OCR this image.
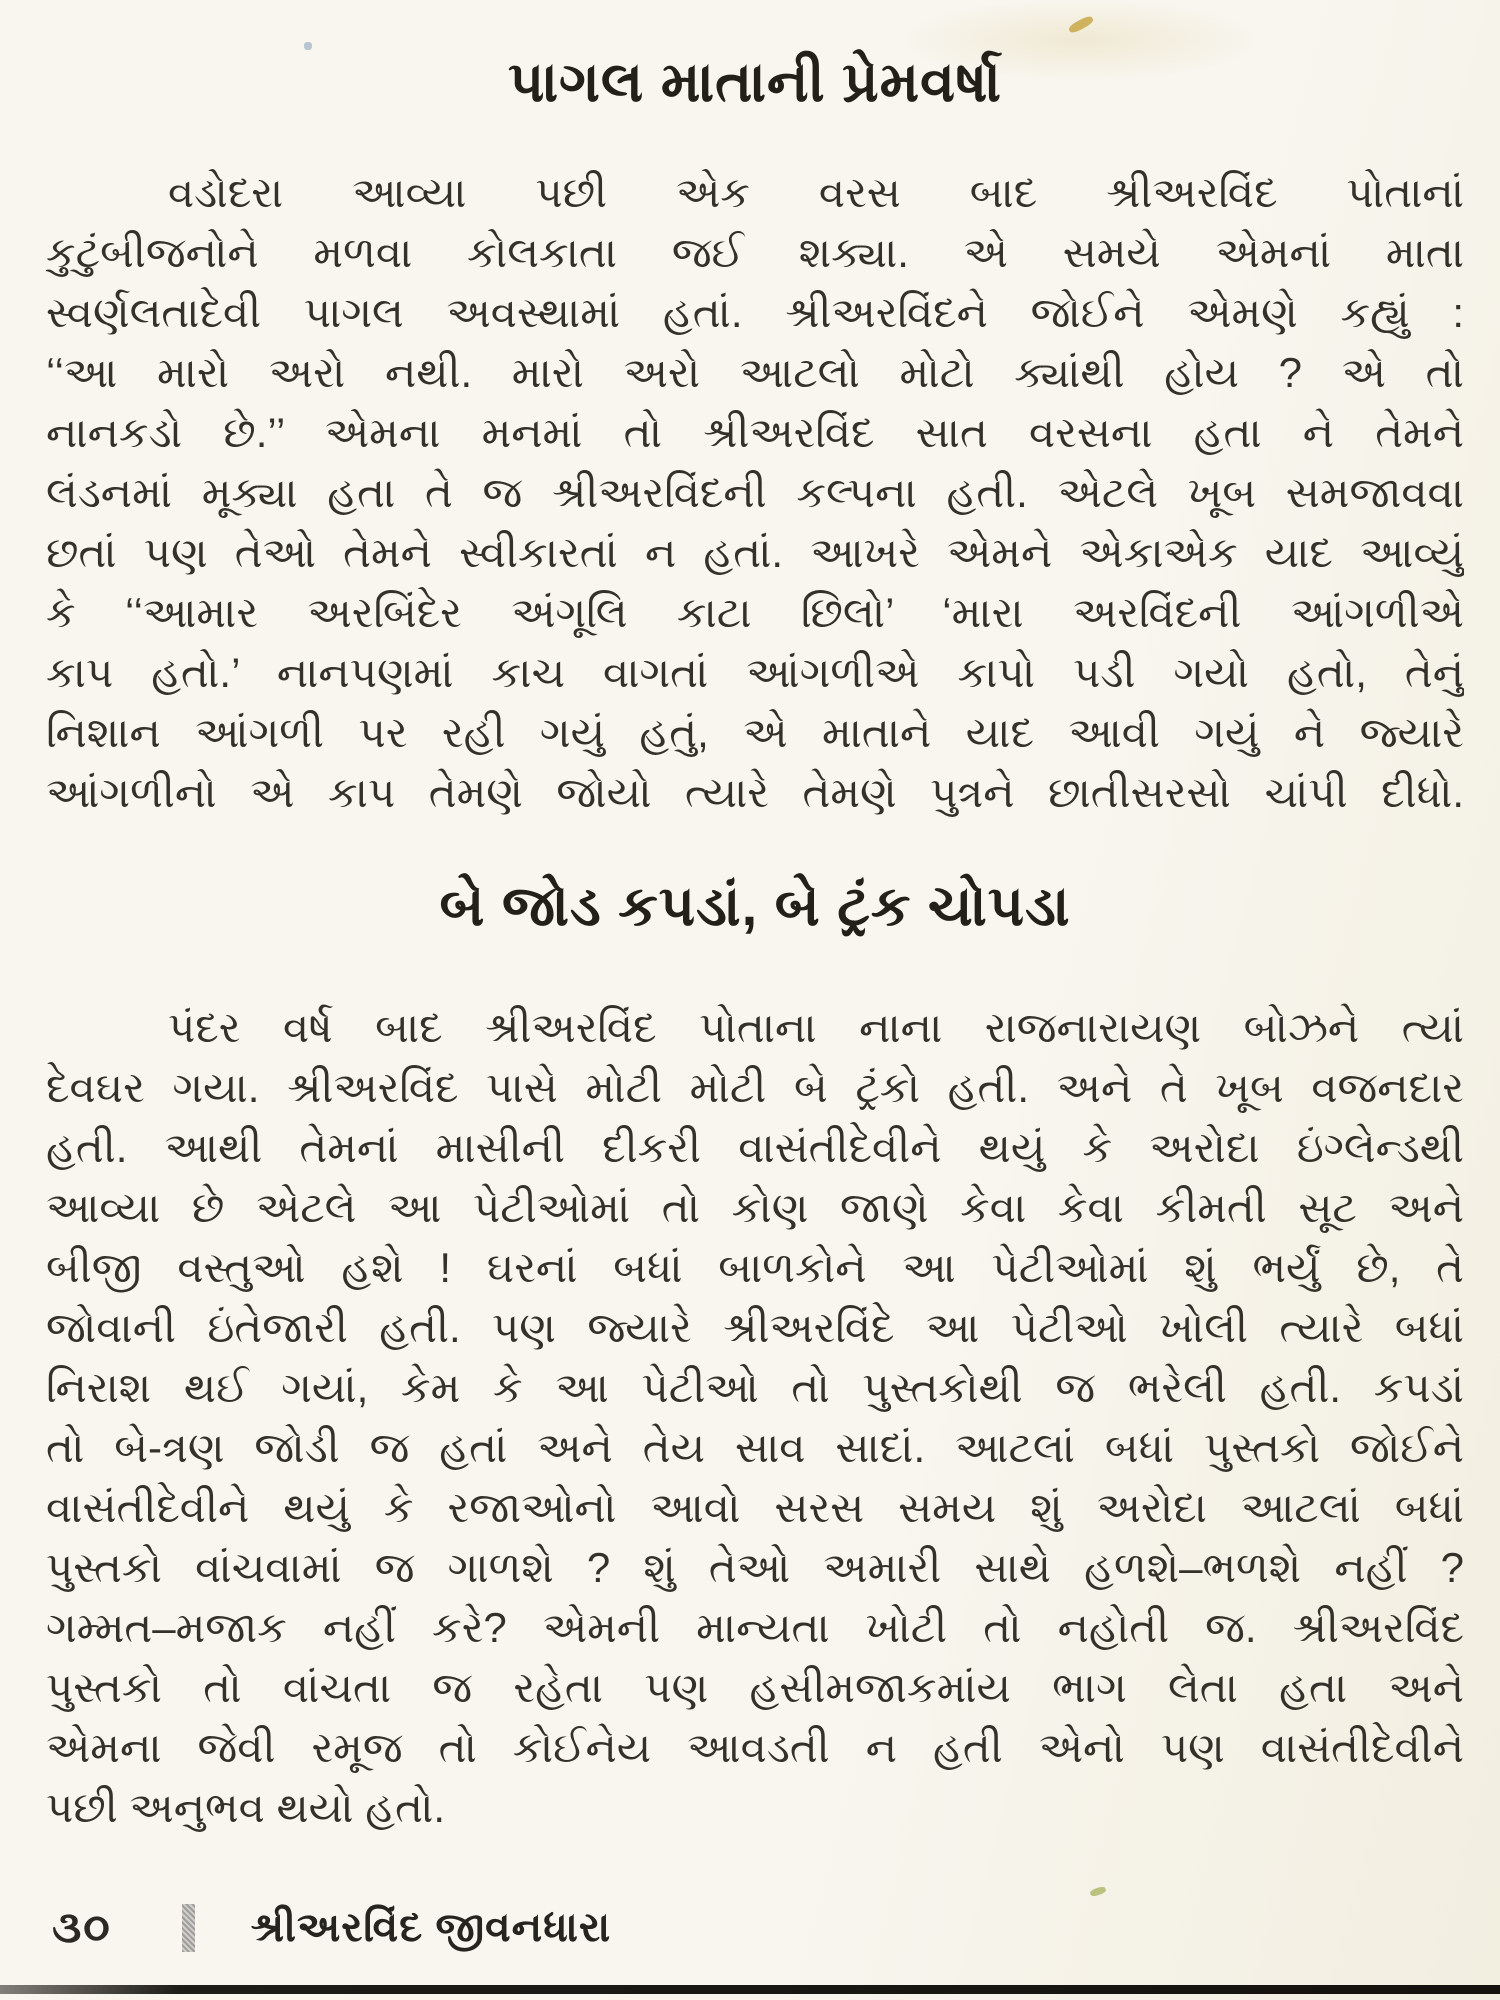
પાગલ માતાની પ્રેમવર્ષા
વડોદરા આવ્યા પછી એક વરસ બાદ શ્રીઅરવિંદ પોતાનાં
કુટુંબીજનોને મળવા કોલકાતા જઈ શક્યા. એ સમયે એમનાં માતા
સ્વર્ણલતાદેવી પાગલ અવસ્થામાં હતાં. શ્રીઅરવિંદને જોઈને એમણે કહ્યું :
‘‘આ મારો અરો નથી. મારો અરો આટલો મોટો ક્યાંથી હોય ? એ તો
નાનકડો છે.’’ એમના મનમાં તો શ્રીઅરવિંદ સાત વરસના હતા ને તેમને
લંડનમાં મૂક્યા હતા તે જ શ્રીઅરવિંદની કલ્પના હતી. એટલે ખૂબ સમજાવવા
છતાં પણ તેઓ તેમને સ્વીકારતાં ન હતાં. આખરે એમને એકાએક યાદ આવ્યું
કે ‘‘આમાર અરબિંદેર અંગૂલિ કાટા છિલો’ ‘મારા અરવિંદની આંગળીએ
કાપ હતો.’ નાનપણમાં કાચ વાગતાં આંગળીએ કાપો પડી ગયો હતો, તેનું
નિશાન આંગળી પર રહી ગયું હતું, એ માતાને યાદ આવી ગયું ને જ્યારે
આંગળીનો એ કાપ તેમણે જોયો ત્યારે તેમણે પુત્રને છાતીસરસો ચાંપી દીધો.
બે જોડ કપડાં, બે ટ્રંક ચોપડા
પંદર વર્ષ બાદ શ્રીઅરવિંદ પોતાના નાના રાજનારાયણ બોઝને ત્યાં
દેવઘર ગયા. શ્રીઅરવિંદ પાસે મોટી મોટી બે ટ્રંકો હતી. અને તે ખૂબ વજનદાર
હતી. આથી તેમનાં માસીની દીકરી વાસંતીદેવીને થયું કે અરોદા ઇંગ્લેન્ડથી
આવ્યા છે એટલે આ પેટીઓમાં તો કોણ જાણે કેવા કેવા કીમતી સૂટ અને
બીજી વસ્તુઓ હશે ! ઘરનાં બધાં બાળકોને આ પેટીઓમાં શું ભર્યું છે, તે
જોવાની ઇંતેજારી હતી. પણ જ્યારે શ્રીઅરવિંદે આ પેટીઓ ખોલી ત્યારે બધાં
નિરાશ થઈ ગયાં, કેમ કે આ પેટીઓ તો પુસ્તકોથી જ ભરેલી હતી. કપડાં
તો બે-ત્રણ જોડી જ હતાં અને તેય સાવ સાદાં. આટલાં બધાં પુસ્તકો જોઈને
વાસંતીદેવીને થયું કે રજાઓનો આવો સરસ સમય શું અરોદા આટલાં બધાં
પુસ્તકો વાંચવામાં જ ગાળશે ? શું તેઓ અમારી સાથે હળશે–ભળશે નહીં ?
ગમ્મત–મજાક નહીં કરે? એમની માન્યતા ખોટી તો નહોતી જ. શ્રીઅરવિંદ
પુસ્તકો તો વાંચતા જ રહેતા પણ હસીમજાકમાંય ભાગ લેતા હતા અને
એમના જેવી રમૂજ તો કોઈનેય આવડતી ન હતી એનો પણ વાસંતીદેવીને
પછી અનુભવ થયો હતો.
૩૦	શ્રીઅરવિંદ જીવનધારા
